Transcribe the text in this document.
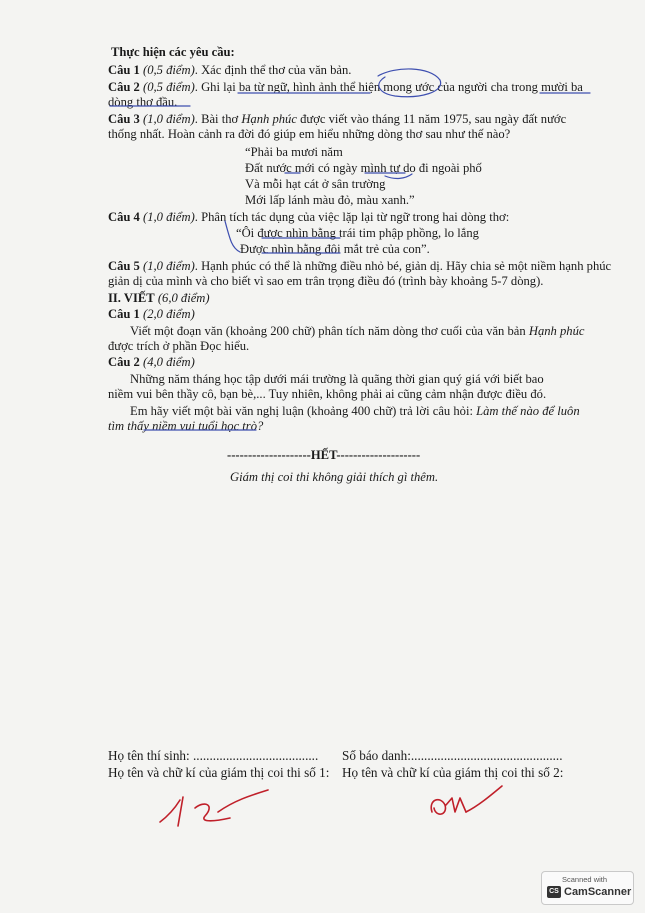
Thực hiện các yêu cầu:
Câu 1 (0,5 điểm). Xác định thể thơ của văn bản.
Câu 2 (0,5 điểm). Ghi lại ba từ ngữ, hình ảnh thể hiện mong ước của người cha trong mười ba
dòng thơ đầu.
Câu 3 (1,0 điểm). Bài thơ Hạnh phúc được viết vào tháng 11 năm 1975, sau ngày đất nước
thống nhất. Hoàn cảnh ra đời đó giúp em hiểu những dòng thơ sau như thế nào?
“Phải ba mươi năm
Đất nước mới có ngày mình tự do đi ngoài phố
Và mỗi hạt cát ở sân trường
Mới lấp lánh màu đỏ, màu xanh.”
Câu 4 (1,0 điểm). Phân tích tác dụng của việc lặp lại từ ngữ trong hai dòng thơ:
“Ôi được nhìn bằng trái tim phập phồng, lo lắng
Được nhìn bằng đôi mắt trẻ của con”.
Câu 5 (1,0 điểm). Hạnh phúc có thể là những điều nhỏ bé, giản dị. Hãy chia sẻ một niềm hạnh phúc
giản dị của mình và cho biết vì sao em trân trọng điều đó (trình bày khoảng 5-7 dòng).
II. VIẾT (6,0 điểm)
Câu 1 (2,0 điểm)
Viết một đoạn văn (khoảng 200 chữ) phân tích năm dòng thơ cuối của văn bản Hạnh phúc
được trích ở phần Đọc hiểu.
Câu 2 (4,0 điểm)
Những năm tháng học tập dưới mái trường là quãng thời gian quý giá với biết bao
niềm vui bên thầy cô, bạn bè,... Tuy nhiên, không phải ai cũng cảm nhận được điều đó.
Em hãy viết một bài văn nghị luận (khoảng 400 chữ) trả lời câu hỏi: Làm thế nào để luôn
tìm thấy niềm vui tuổi học trò?
--------------------HẾT--------------------
Giám thị coi thi không giải thích gì thêm.
Họ tên thí sinh: ...................................... Số báo danh:..............................................
Họ tên và chữ kí của giám thị coi thi số 1: Họ tên và chữ kí của giám thị coi thi số 2:
Scanned with
CS CamScanner
